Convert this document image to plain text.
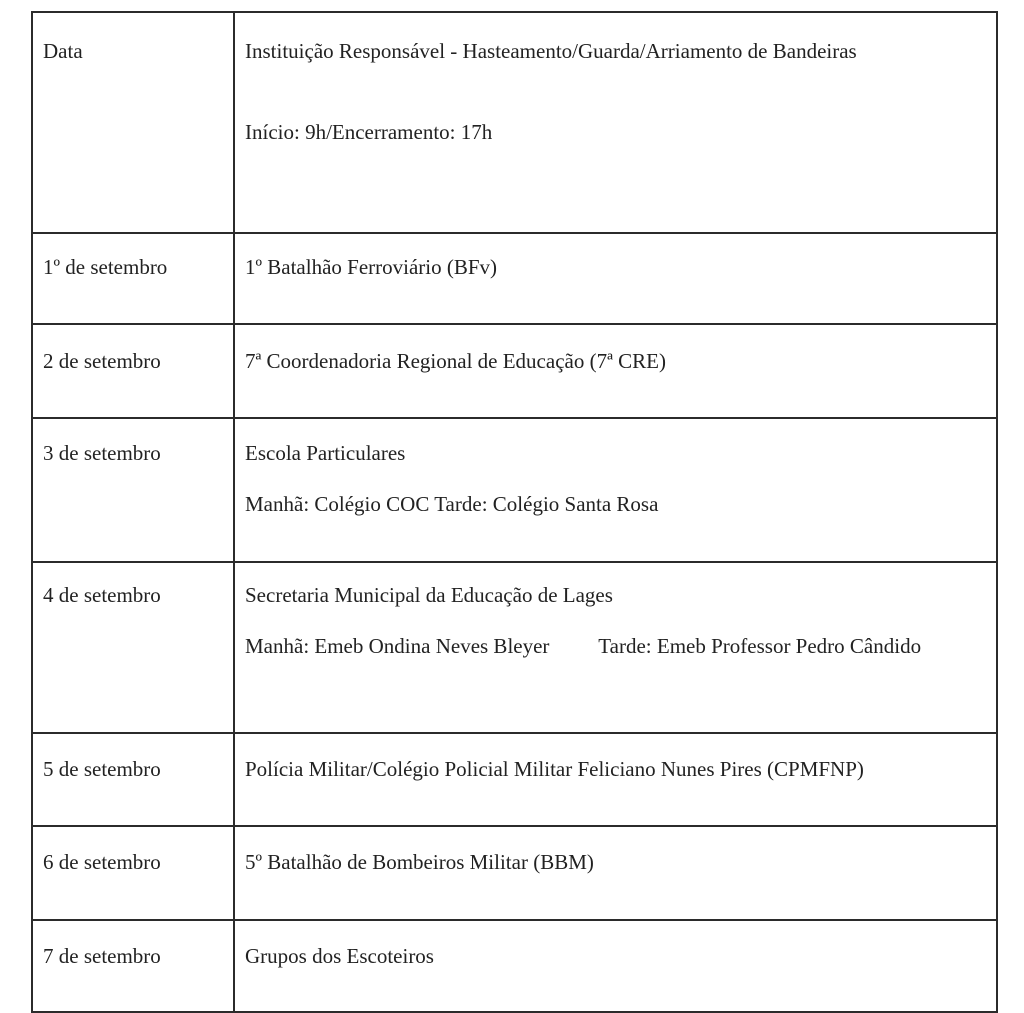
Data	Instituição Responsável - Hasteamento/Guarda/Arriamento de Bandeiras
Início: 9h/Encerramento: 17h

1º de setembro	1º Batalhão Ferroviário (BFv)
2 de setembro	7ª Coordenadoria Regional de Educação (7ª CRE)
3 de setembro	Escola Particulares
Manhã: Colégio COC Tarde: Colégio Santa Rosa

4 de setembro	Secretaria Municipal da Educação de Lages
Manhã: Emeb Ondina Neves Bleyer Tarde: Emeb Professor Pedro Cândido

5 de setembro	Polícia Militar/Colégio Policial Militar Feliciano Nunes Pires (CPMFNP)
6 de setembro	5º Batalhão de Bombeiros Militar (BBM)
7 de setembro	Grupos dos Escoteiros
